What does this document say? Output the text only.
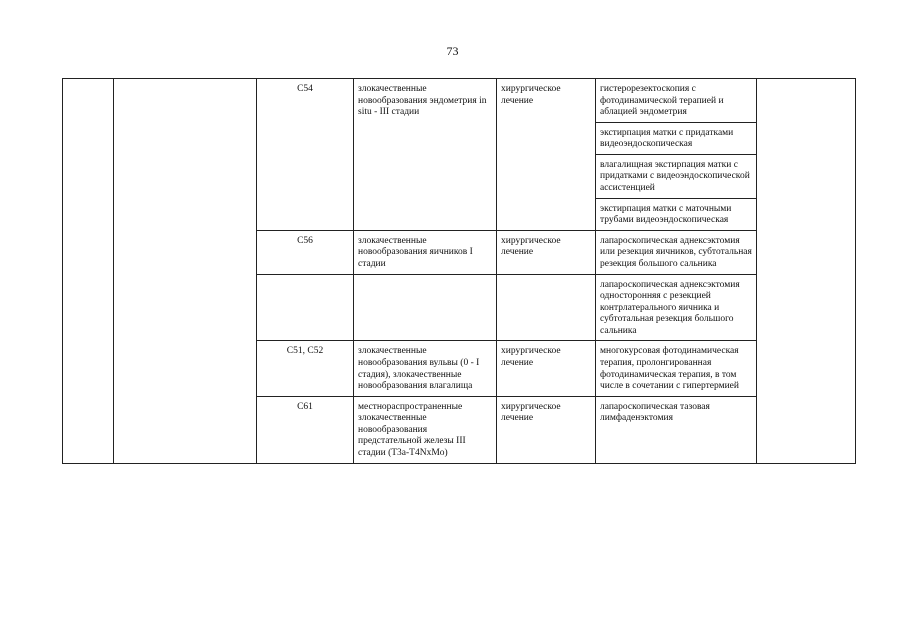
73
		C54	злокачественные новообразования эндометрия in situ - III стадии	хирургическое лечение	гистерорезектоскопия с фотодинамической терапией и аблацией эндометрия	
					экстирпация матки с придатками видеоэндоскопическая	
					влагалищная экстирпация матки с придатками с видеоэндоскопической ассистенцией	
					экстирпация матки с маточными трубами видеоэндоскопическая	
		C56	злокачественные новообразования яичников I стадии	хирургическое лечение	лапароскопическая аднексэктомия или резекция яичников, субтотальная резекция большого сальника	
					лапароскопическая аднексэктомия односторонняя с резекцией контрлатерального яичника и субтотальная резекция большого сальника	
		C51, C52	злокачественные новообразования вульвы (0 - I стадия), злокачественные новообразования влагалища	хирургическое лечение	многокурсовая фотодинамическая терапия, пролонгированная фотодинамическая терапия, в том числе в сочетании с гипертермией	
		C61	местнораспространенные злокачественные новообразования предстательной железы III стадии (T3a-T4NxMo)	хирургическое лечение	лапароскопическая тазовая лимфаденэктомия	
